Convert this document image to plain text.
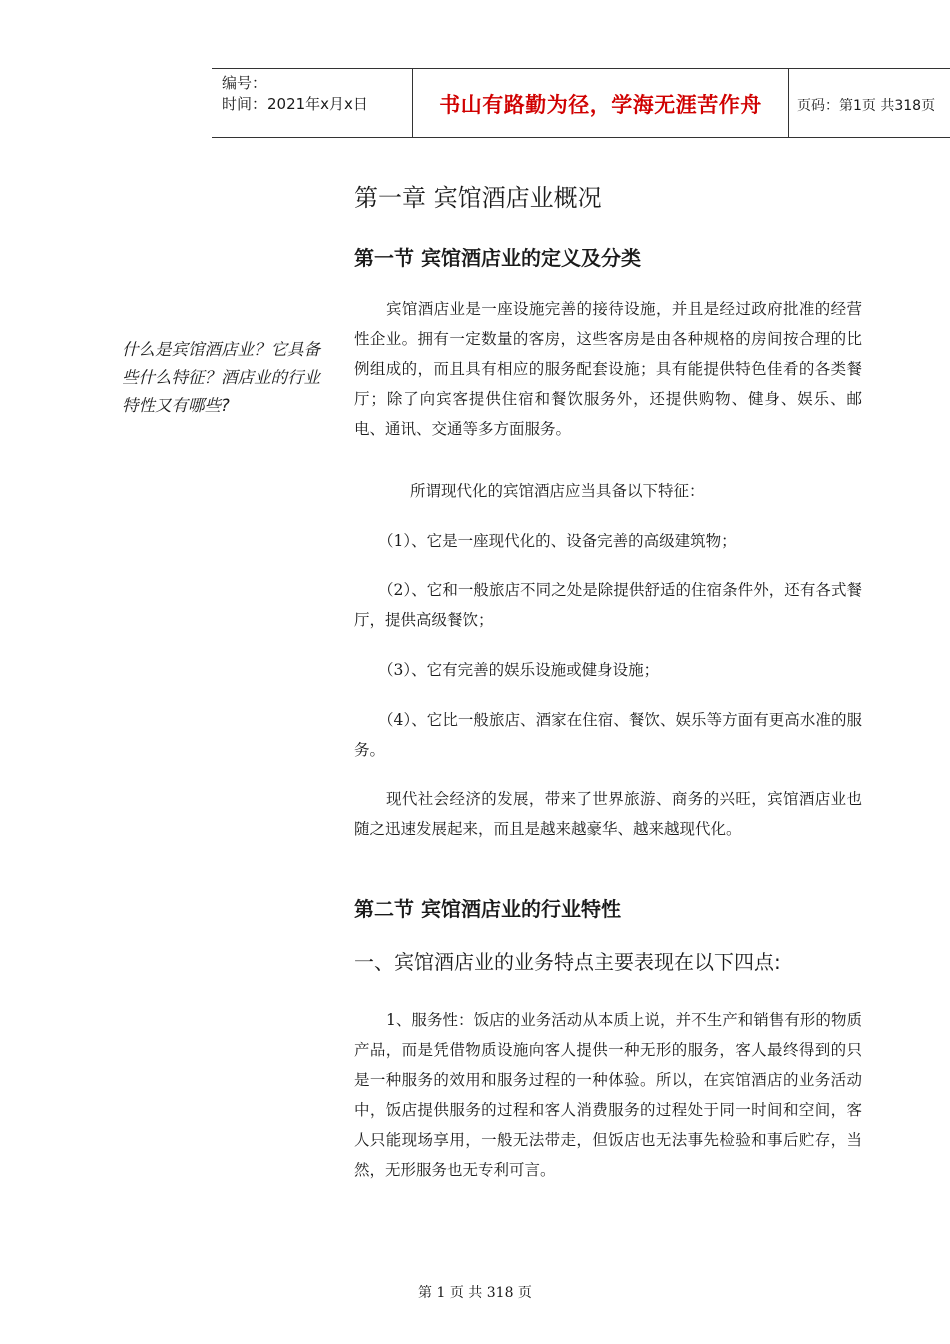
编号：
时间：2021年x月x日	书山有路勤为径，学海无涯苦作舟	页码：第1页 共318页
什么是宾馆酒店业？它具备些什么特征？酒店业的行业特性又有哪些?
第一章 宾馆酒店业概况
第一节 宾馆酒店业的定义及分类

宾馆酒店业是一座设施完善的接待设施，并且是经过政府批准的经营性企业。拥有一定数量的客房，这些客房是由各种规格的房间按合理的比例组成的，而且具有相应的服务配套设施；具有能提供特色佳肴的各类餐厅；除了向宾客提供住宿和餐饮服务外，还提供购物、健身、娱乐、邮电、通讯、交通等多方面服务。

所谓现代化的宾馆酒店应当具备以下特征：

（1）、它是一座现代化的、设备完善的高级建筑物；

（2）、它和一般旅店不同之处是除提供舒适的住宿条件外，还有各式餐厅，提供高级餐饮；

（3）、它有完善的娱乐设施或健身设施；

（4）、它比一般旅店、酒家在住宿、餐饮、娱乐等方面有更高水准的服务。

现代社会经济的发展，带来了世界旅游、商务的兴旺，宾馆酒店业也随之迅速发展起来，而且是越来越豪华、越来越现代化。

第二节 宾馆酒店业的行业特性
一、宾馆酒店业的业务特点主要表现在以下四点:

1、服务性：饭店的业务活动从本质上说，并不生产和销售有形的物质产品，而是凭借物质设施向客人提供一种无形的服务，客人最终得到的只是一种服务的效用和服务过程的一种体验。所以，在宾馆酒店的业务活动中，饭店提供服务的过程和客人消费服务的过程处于同一时间和空间，客人只能现场享用，一般无法带走，但饭店也无法事先检验和事后贮存，当然，无形服务也无专利可言。

第 1 页 共 318 页
